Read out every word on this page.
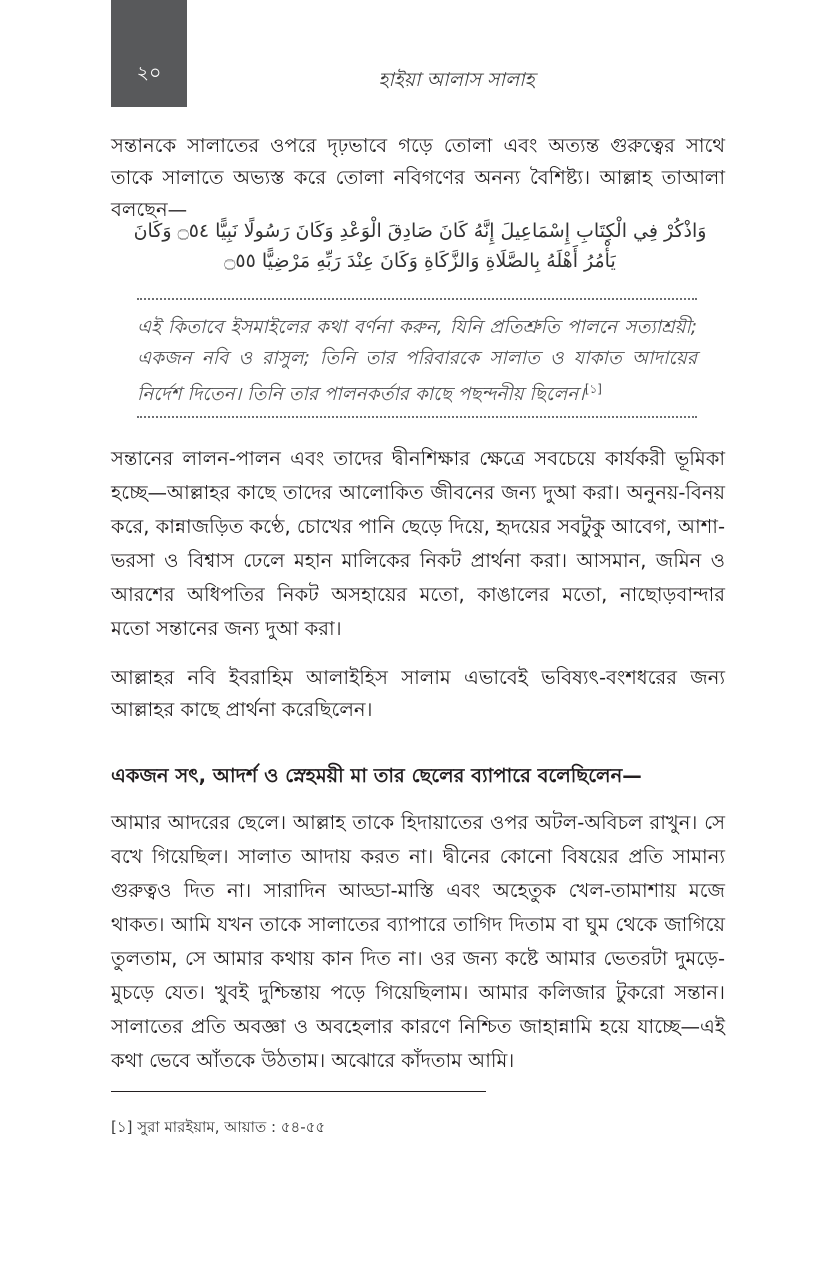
২০	হাইয়া আলাস সালাহ

সন্তানকে সালাতের ওপরে দৃঢ়ভাবে গড়ে তোলা এবং অত্যন্ত গুরুত্বের সাথে তাকে সালাতে অভ্যস্ত করে তোলা নবিগণের অনন্য বৈশিষ্ট্য। আল্লাহ তাআলা বলছেন—

وَاذْكُرْ فِي الْكِتَابِ إِسْمَاعِيلَ إِنَّهُ كَانَ صَادِقَ الْوَعْدِ وَكَانَ رَسُولًا نَبِيًّا ۝٥٤ وَكَانَ يَأْمُرُ أَهْلَهُ بِالصَّلَاةِ وَالزَّكَاةِ وَكَانَ عِنْدَ رَبِّهِ مَرْضِيًّا ۝٥٥

এই কিতাবে ইসমাইলের কথা বর্ণনা করুন, যিনি প্রতিশ্রুতি পালনে সত্যাশ্রয়ী; একজন নবি ও রাসুল; তিনি তার পরিবারকে সালাত ও যাকাত আদায়ের নির্দেশ দিতেন। তিনি তার পালনকর্তার কাছে পছন্দনীয় ছিলেন।[১]

সন্তানের লালন-পালন এবং তাদের দ্বীনশিক্ষার ক্ষেত্রে সবচেয়ে কার্যকরী ভূমিকা হচ্ছে—আল্লাহর কাছে তাদের আলোকিত জীবনের জন্য দুআ করা। অনুনয়-বিনয় করে, কান্নাজড়িত কণ্ঠে, চোখের পানি ছেড়ে দিয়ে, হৃদয়ের সবটুকু আবেগ, আশা-ভরসা ও বিশ্বাস ঢেলে মহান মালিকের নিকট প্রার্থনা করা। আসমান, জমিন ও আরশের অধিপতির নিকট অসহায়ের মতো, কাঙালের মতো, নাছোড়বান্দার মতো সন্তানের জন্য দুআ করা।

আল্লাহর নবি ইবরাহিম আলাইহিস সালাম এভাবেই ভবিষ্যৎ-বংশধরের জন্য আল্লাহর কাছে প্রার্থনা করেছিলেন।

একজন সৎ, আদর্শ ও স্নেহময়ী মা তার ছেলের ব্যাপারে বলেছিলেন—

আমার আদরের ছেলে। আল্লাহ তাকে হিদায়াতের ওপর অটল-অবিচল রাখুন। সে বখে গিয়েছিল। সালাত আদায় করত না। দ্বীনের কোনো বিষয়ের প্রতি সামান্য গুরুত্বও দিত না। সারাদিন আড্ডা-মাস্তি এবং অহেতুক খেল-তামাশায় মজে থাকত। আমি যখন তাকে সালাতের ব্যাপারে তাগিদ দিতাম বা ঘুম থেকে জাগিয়ে তুলতাম, সে আমার কথায় কান দিত না। ওর জন্য কষ্টে আমার ভেতরটা দুমড়ে-মুচড়ে যেত। খুবই দুশ্চিন্তায় পড়ে গিয়েছিলাম। আমার কলিজার টুকরো সন্তান। সালাতের প্রতি অবজ্ঞা ও অবহেলার কারণে নিশ্চিত জাহান্নামি হয়ে যাচ্ছে—এই কথা ভেবে আঁতকে উঠতাম। অঝোরে কাঁদতাম আমি।

[১] সুরা মারইয়াম, আয়াত : ৫৪-৫৫
